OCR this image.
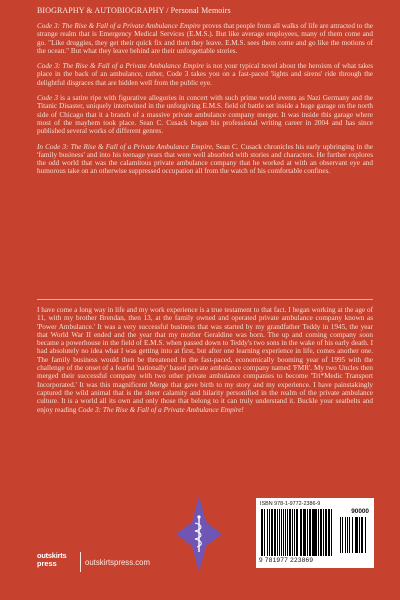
BIOGRAPHY & AUTOBIOGRAPHY / Personal Memoirs

Code 3: The Rise & Fall of a Private Ambulance Empire proves that people from all walks of life are attracted to the strange realm that is Emergency Medical Services (E.M.S.). But like average employees, many of them come and go. "Like druggies, they get their quick fix and then they leave. E.M.S. sees them come and go like the motions of the ocean." But what they leave behind are their unforgettable stories.

Code 3: The Rise & Fall of a Private Ambulance Empire is not your typical novel about the heroism of what takes place in the back of an ambulance, rather, Code 3 takes you on a fast-paced 'lights and sirens' ride through the delightful disgraces that are hidden well from the public eye.

Code 3 is a satire ripe with figurative allegories in concert with such prime world events as Nazi Germany and the Titanic Disaster, uniquely intertwined in the unforgiving E.M.S. field of battle set inside a huge garage on the north side of Chicago that it a branch of a massive private ambulance company merger. It was inside this garage where most of the mayhem took place. Sean C. Cusack began his professional writing career in 2004 and has since published several works of different genres.

In Code 3: The Rise & Fall of a Private Ambulance Empire, Sean C. Cusack chronicles his early upbringing in the 'family business' and into his teenage years that were well absorbed with stories and characters. He further explores the odd world that was the calamitous private ambulance company that he worked at with an observant eye and humorous take on an otherwise suppressed occupation all from the watch of his comfortable confines.

I have come a long way in life and my work experience is a true testament to that fact. I began working at the age of 11, with my brother Brendan, then 13, at the family owned and operated private ambulance company known as 'Power Ambulance.' It was a very successful business that was started by my grandfather Teddy in 1945, the year that World War II ended and the year that my mother Geraldine was born. The up and coming company soon became a powerhouse in the field of E.M.S. when passed down to Teddy's two sons in the wake of his early death. I had absolutely no idea what I was getting into at first, but after one learning experience in life, comes another one. The family business would then be threatened in the fast-paced, economically booming year of 1995 with the challenge of the onset of a fearful 'nationally' based private ambulance company named 'FMR'. My two Uncles then merged their successful company with two other private ambulance companies to become 'Tri*Medic Transport Incorporated.' It was this magnificent Merge that gave birth to my story and my experience. I have painstakingly captured the wild animal that is the sheer calamity and hilarity personified in the realm of the private ambulance culture. It is a world all its own and only those that belong to it can truly understand it. Buckle your seatbelts and enjoy reading Code 3: The Rise & Fall of a Private Ambulance Empire!

ISBN 978-1-9772-2386-9
90000
9 781977 223869
outskirts
press	outskirtspress.com
